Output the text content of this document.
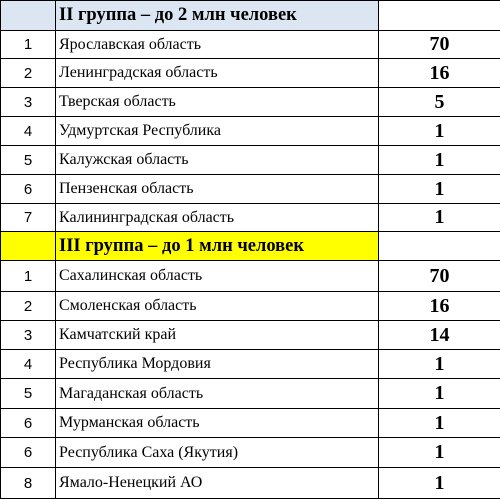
	II группа – до 2 млн человек	
1	Ярославская область	70
2	Ленинградская область	16
3	Тверская область	5
4	Удмуртская Республика	1
5	Калужская область	1
6	Пензенская область	1
7	Калининградская область	1
	III группа – до 1 млн человек	
1	Сахалинская область	70
2	Смоленская область	16
3	Камчатский край	14
4	Республика Мордовия	1
5	Магаданская область	1
6	Мурманская область	1
6	Республика Саха (Якутия)	1
8	Ямало-Ненецкий АО	1
